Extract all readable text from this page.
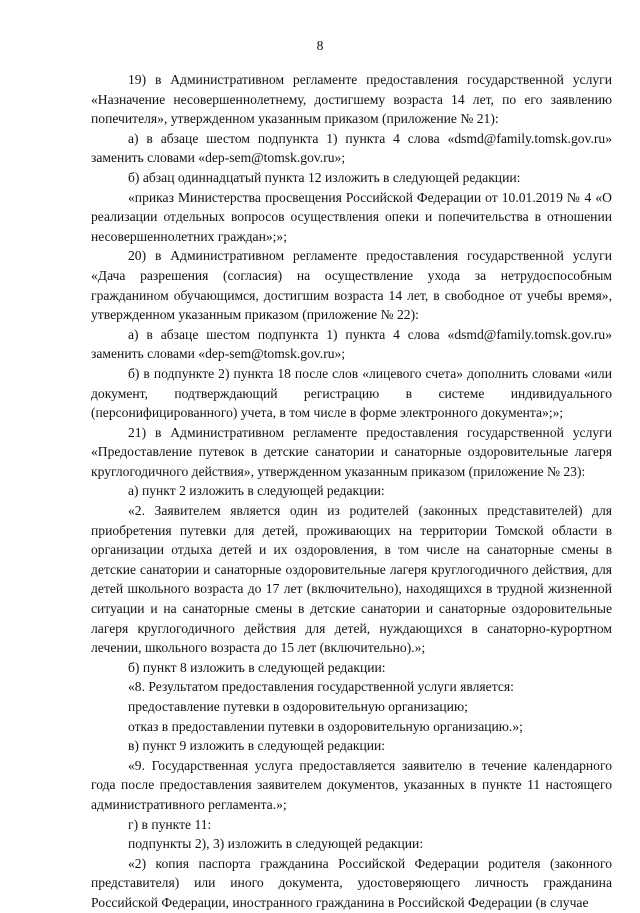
8

19) в Административном регламенте предоставления государственной услуги «Назначение несовершеннолетнему, достигшему возраста 14 лет, по его заявлению попечителя», утвержденном указанным приказом (приложение № 21):

а) в абзаце шестом подпункта 1) пункта 4 слова «dsmd@family.tomsk.gov.ru» заменить словами «dep-sem@tomsk.gov.ru»;

б) абзац одиннадцатый пункта 12 изложить в следующей редакции:

«приказ Министерства просвещения Российской Федерации от 10.01.2019 № 4 «О реализации отдельных вопросов осуществления опеки и попечительства в отношении несовершеннолетних граждан»;»;

20) в Административном регламенте предоставления государственной услуги «Дача разрешения (согласия) на осуществление ухода за нетрудоспособным гражданином обучающимся, достигшим возраста 14 лет, в свободное от учебы время», утвержденном указанным приказом (приложение № 22):

а) в абзаце шестом подпункта 1) пункта 4 слова «dsmd@family.tomsk.gov.ru» заменить словами «dep-sem@tomsk.gov.ru»;

б) в подпункте 2) пункта 18 после слов «лицевого счета» дополнить словами «или документ, подтверждающий регистрацию в системе индивидуального (персонифицированного) учета, в том числе в форме электронного документа»;»;

21) в Административном регламенте предоставления государственной услуги «Предоставление путевок в детские санатории и санаторные оздоровительные лагеря круглогодичного действия», утвержденном указанным приказом (приложение № 23):

а) пункт 2 изложить в следующей редакции:

«2. Заявителем является один из родителей (законных представителей) для приобретения путевки для детей, проживающих на территории Томской области в организации отдыха детей и их оздоровления, в том числе на санаторные смены в детские санатории и санаторные оздоровительные лагеря круглогодичного действия, для детей школьного возраста до 17 лет (включительно), находящихся в трудной жизненной ситуации и на санаторные смены в детские санатории и санаторные оздоровительные лагеря круглогодичного действия для детей, нуждающихся в санаторно-курортном лечении, школьного возраста до 15 лет (включительно).»;

б) пункт 8 изложить в следующей редакции:

«8. Результатом предоставления государственной услуги является:

предоставление путевки в оздоровительную организацию;

отказ в предоставлении путевки в оздоровительную организацию.»;

в) пункт 9 изложить в следующей редакции:

«9. Государственная услуга предоставляется заявителю в течение календарного года после предоставления заявителем документов, указанных в пункте 11 настоящего административного регламента.»;

г) в пункте 11:

подпункты 2), 3) изложить в следующей редакции:

«2) копия паспорта гражданина Российской Федерации родителя (законного представителя) или иного документа, удостоверяющего личность гражданина Российской Федерации, иностранного гражданина в Российской Федерации (в случае
